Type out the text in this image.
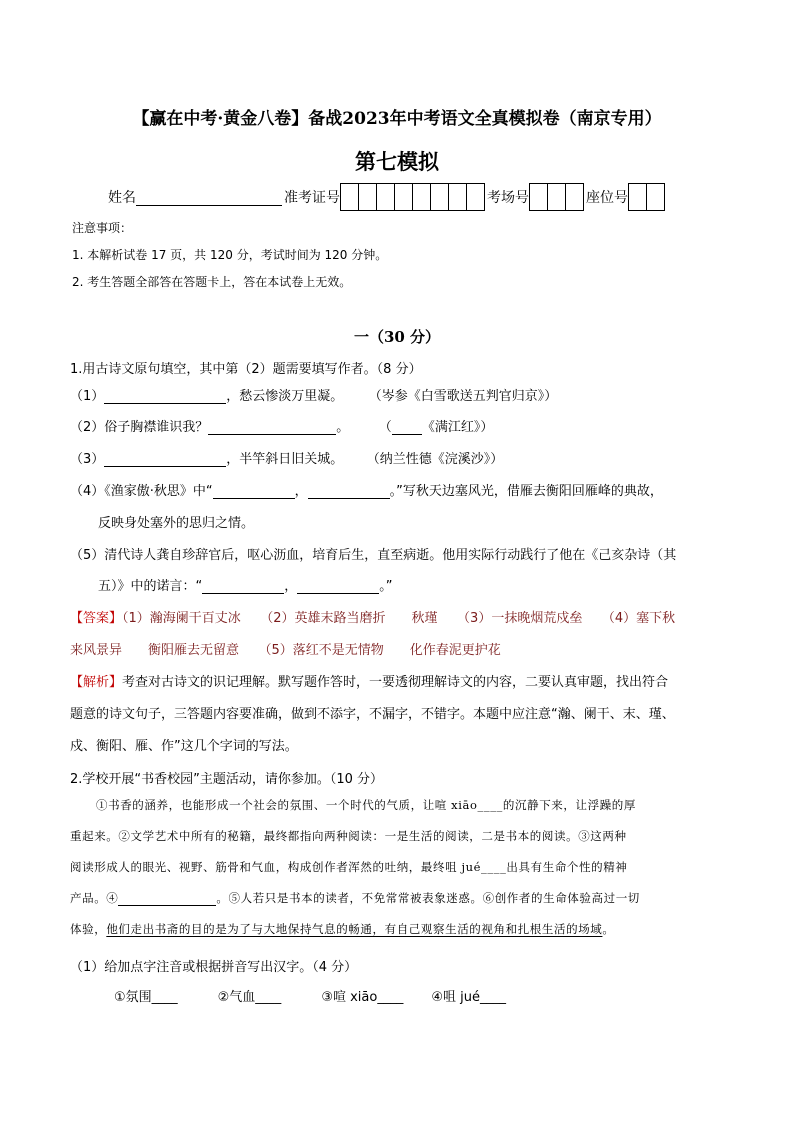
【赢在中考·黄金八卷】备战2023年中考语文全真模拟卷（南京专用）
第七模拟
姓名	准考证号	考场号	座位号
注意事项：
1. 本解析试卷 17 页，共 120 分，考试时间为 120 分钟。
2. 考生答题全部答在答题卡上，答在本试卷上无效。
一（30 分）
1.用古诗文原句填空，其中第（2）题需要填写作者。（8 分）
（1）	，愁云惨淡万里凝。 （岑参《白雪歌送五判官归京》）
（2）俗子胸襟谁识我？	。	（ 《满江红》）
（3）	，半竿斜日旧关城。 （纳兰性德《浣溪沙》）
（4）《渔家傲·秋思》中“	，	。”写秋天边塞风光，借雁去衡阳回雁峰的典故，
反映身处塞外的思归之情。
（5）清代诗人龚自珍辞官后，呕心沥血，培育后生，直至病逝。他用实际行动践行了他在《己亥杂诗（其
五）》中的诺言：“	，	。”
【答案】（1）瀚海阑干百丈冰　　（2）英雄末路当磨折　　秋瑾　　（3）一抹晚烟荒戍垒　　（4）塞下秋
来风景异　　衡阳雁去无留意　　（5）落红不是无情物　　化作春泥更护花
【解析】考查对古诗文的识记理解。默写题作答时，一要透彻理解诗文的内容，二要认真审题，找出符合
题意的诗文句子，三答题内容要准确，做到不添字，不漏字，不错字。本题中应注意“瀚、阑干、末、瑾、
戍、衡阳、雁、作”这几个字词的写法。
2.学校开展“书香校园”主题活动，请你参加。（10 分）
①书香的涵养，也能形成一个社会的氛围、一个时代的气质，让喧 xiāo____的沉静下来，让浮躁的厚
重起来。②文学艺术中所有的秘籍，最终都指向两种阅读：一是生活的阅读，二是书本的阅读。③这两种
阅读形成人的眼光、视野、筋骨和气血，构成创作者浑然的吐纳，最终咀 jué____出具有生命个性的精神
产品。④	。⑤人若只是书本的读者，不免常常被表象迷惑。⑥创作者的生命体验高过一切
体验，他们走出书斋的目的是为了与大地保持气息的畅通，有自己观察生活的视角和扎根生活的场域。
（1）给加点字注音或根据拼音写出汉字。（4 分）
①氛围____	②气血____	③喧 xiāo____ ④咀 jué____
